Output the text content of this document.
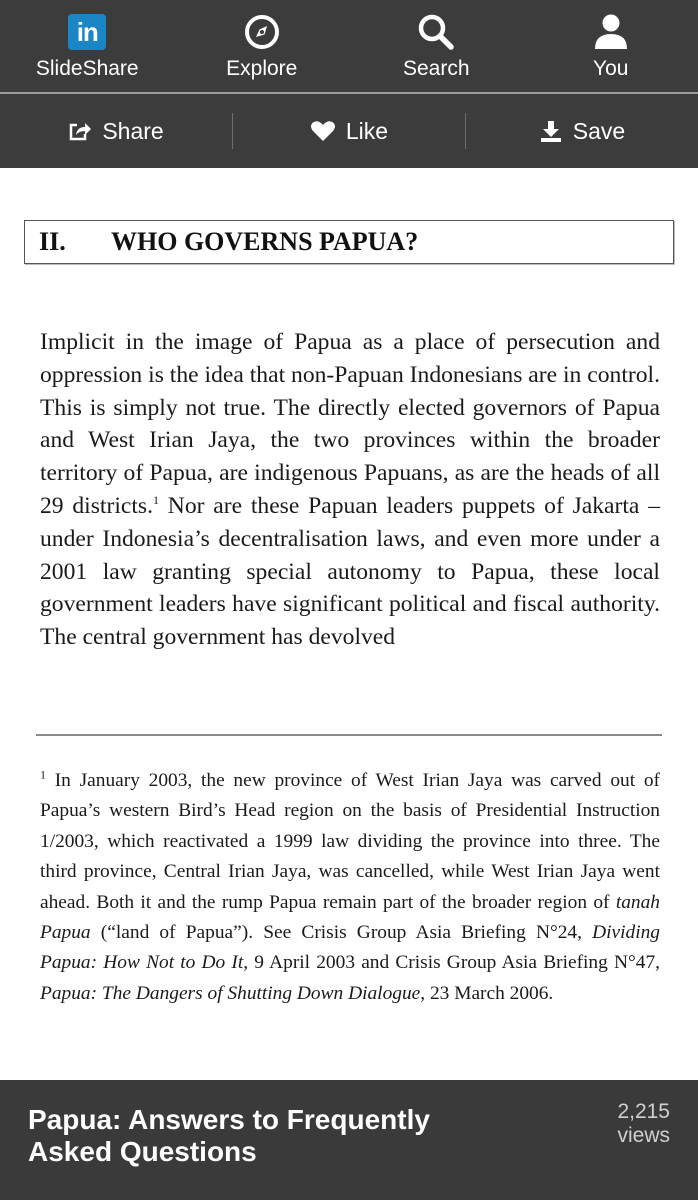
in
SlideShare	Explore	Search	You
Share	Like	Save
II.	WHO GOVERNS PAPUA?

Implicit in the image of Papua as a place of persecution and oppression is the idea that non-Papuan Indonesians are in control. This is simply not true. The directly elected governors of Papua and West Irian Jaya, the two provinces within the broader territory of Papua, are indigenous Papuans, as are the heads of all 29 districts.$^1$ Nor are these Papuan leaders puppets of Jakarta – under Indonesia’s decentralisation laws, and even more under a 2001 law granting special autonomy to Papua, these local government leaders have significant political and fiscal authority. The central government has devolved

$^1$ In January 2003, the new province of West Irian Jaya was carved out of Papua’s western Bird’s Head region on the basis of Presidential Instruction 1/2003, which reactivated a 1999 law dividing the province into three. The third province, Central Irian Jaya, was cancelled, while West Irian Jaya went ahead. Both it and the rump Papua remain part of the broader region of tanah Papua (“land of Papua”). See Crisis Group Asia Briefing N°24, Dividing Papua: How Not to Do It, 9 April 2003 and Crisis Group Asia Briefing N°47, Papua: The Dangers of Shutting Down Dialogue, 23 March 2006.

Papua: Answers to Frequently Asked Questions
2,215
views
